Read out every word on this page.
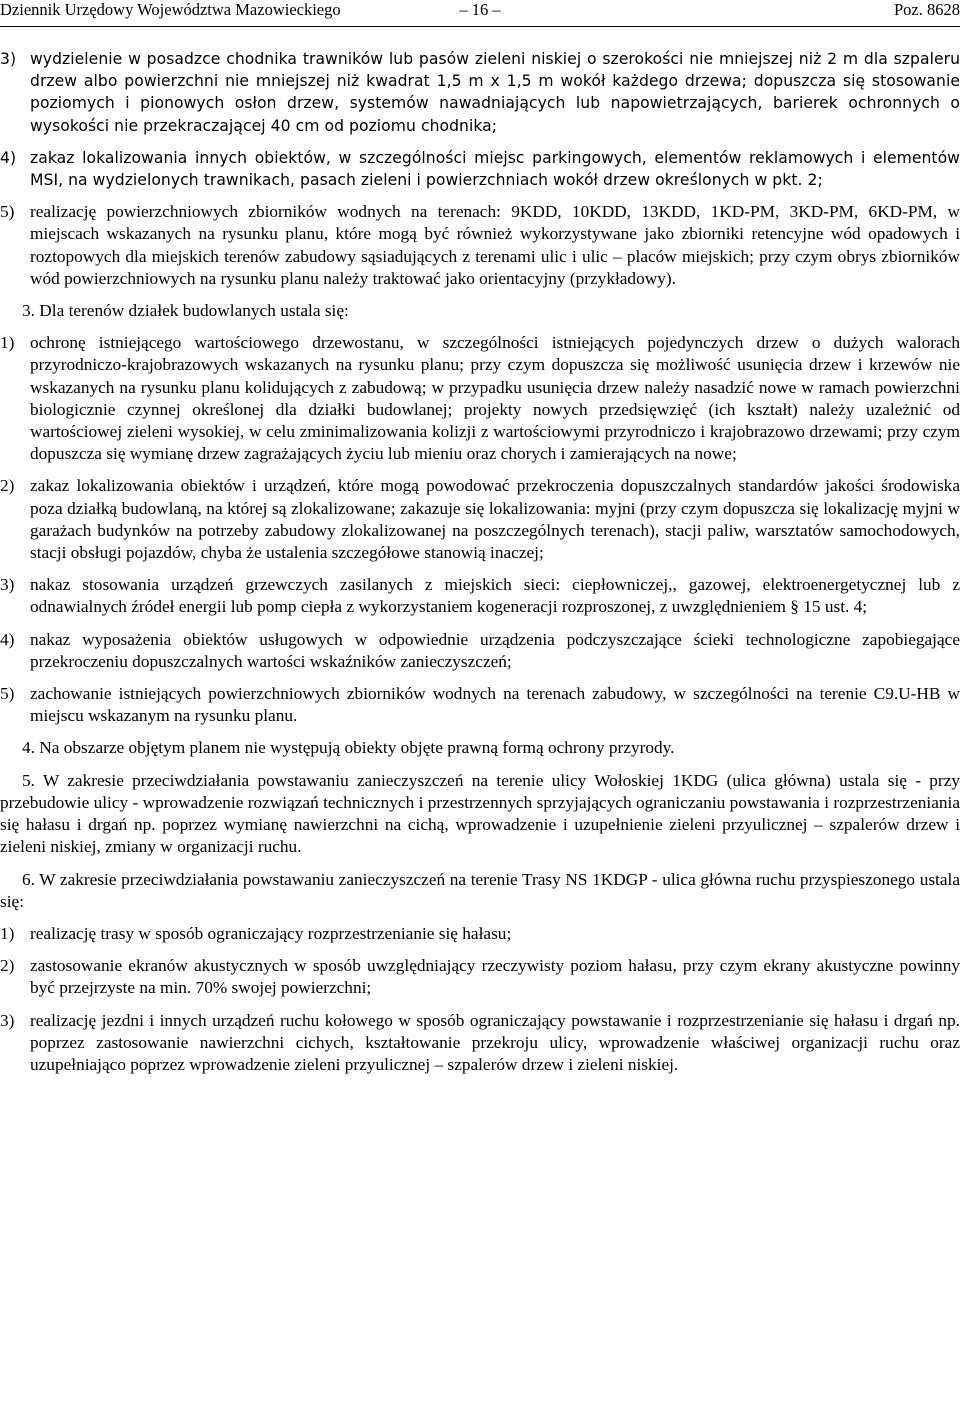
Dziennik Urzędowy Województwa Mazowieckiego	– 16 –	Poz. 8628
3) wydzielenie w posadzce chodnika trawników lub pasów zieleni niskiej o szerokości nie mniejszej niż 2 m dla szpaleru drzew albo powierzchni nie mniejszej niż kwadrat 1,5 m x 1,5 m wokół każdego drzewa; dopuszcza się stosowanie poziomych i pionowych osłon drzew, systemów nawadniających lub napowietrzających, barierek ochronnych o wysokości nie przekraczającej 40 cm od poziomu chodnika;
4) zakaz lokalizowania innych obiektów, w szczególności miejsc parkingowych, elementów reklamowych i elementów MSI, na wydzielonych trawnikach, pasach zieleni i powierzchniach wokół drzew określonych w pkt. 2;
5) realizację powierzchniowych zbiorników wodnych na terenach: 9KDD, 10KDD, 13KDD, 1KD-PM, 3KD-PM, 6KD-PM, w miejscach wskazanych na rysunku planu, które mogą być również wykorzystywane jako zbiorniki retencyjne wód opadowych i roztopowych dla miejskich terenów zabudowy sąsiadujących z terenami ulic i ulic – placów miejskich; przy czym obrys zbiorników wód powierzchniowych na rysunku planu należy traktować jako orientacyjny (przykładowy).

3. Dla terenów działek budowlanych ustala się:

1) ochronę istniejącego wartościowego drzewostanu, w szczególności istniejących pojedynczych drzew o dużych walorach przyrodniczo-krajobrazowych wskazanych na rysunku planu; przy czym dopuszcza się możliwość usunięcia drzew i krzewów nie wskazanych na rysunku planu kolidujących z zabudową; w przypadku usunięcia drzew należy nasadzić nowe w ramach powierzchni biologicznie czynnej określonej dla działki budowlanej; projekty nowych przedsięwzięć (ich kształt) należy uzależnić od wartościowej zieleni wysokiej, w celu zminimalizowania kolizji z wartościowymi przyrodniczo i krajobrazowo drzewami; przy czym dopuszcza się wymianę drzew zagrażających życiu lub mieniu oraz chorych i zamierających na nowe;
2) zakaz lokalizowania obiektów i urządzeń, które mogą powodować przekroczenia dopuszczalnych standardów jakości środowiska poza działką budowlaną, na której są zlokalizowane; zakazuje się lokalizowania: myjni (przy czym dopuszcza się lokalizację myjni w garażach budynków na potrzeby zabudowy zlokalizowanej na poszczególnych terenach), stacji paliw, warsztatów samochodowych, stacji obsługi pojazdów, chyba że ustalenia szczegółowe stanowią inaczej;
3) nakaz stosowania urządzeń grzewczych zasilanych z miejskich sieci: ciepłowniczej,, gazowej, elektroenergetycznej lub z odnawialnych źródeł energii lub pomp ciepła z wykorzystaniem kogeneracji rozproszonej, z uwzględnieniem § 15 ust. 4;
4) nakaz wyposażenia obiektów usługowych w odpowiednie urządzenia podczyszczające ścieki technologiczne zapobiegające przekroczeniu dopuszczalnych wartości wskaźników zanieczyszczeń;
5) zachowanie istniejących powierzchniowych zbiorników wodnych na terenach zabudowy, w szczególności na terenie C9.U-HB w miejscu wskazanym na rysunku planu.

4. Na obszarze objętym planem nie występują obiekty objęte prawną formą ochrony przyrody.

5. W zakresie przeciwdziałania powstawaniu zanieczyszczeń na terenie ulicy Wołoskiej 1KDG (ulica główna) ustala się - przy przebudowie ulicy - wprowadzenie rozwiązań technicznych i przestrzennych sprzyjających ograniczaniu powstawania i rozprzestrzeniania się hałasu i drgań np. poprzez wymianę nawierzchni na cichą, wprowadzenie i uzupełnienie zieleni przyulicznej – szpalerów drzew i zieleni niskiej, zmiany w organizacji ruchu.

6. W zakresie przeciwdziałania powstawaniu zanieczyszczeń na terenie Trasy NS 1KDGP - ulica główna ruchu przyspieszonego ustala się:

1) realizację trasy w sposób ograniczający rozprzestrzenianie się hałasu;
2) zastosowanie ekranów akustycznych w sposób uwzględniający rzeczywisty poziom hałasu, przy czym ekrany akustyczne powinny być przejrzyste na min. 70% swojej powierzchni;
3) realizację jezdni i innych urządzeń ruchu kołowego w sposób ograniczający powstawanie i rozprzestrzenianie się hałasu i drgań np. poprzez zastosowanie nawierzchni cichych, kształtowanie przekroju ulicy, wprowadzenie właściwej organizacji ruchu oraz uzupełniająco poprzez wprowadzenie zieleni przyulicznej – szpalerów drzew i zieleni niskiej.
